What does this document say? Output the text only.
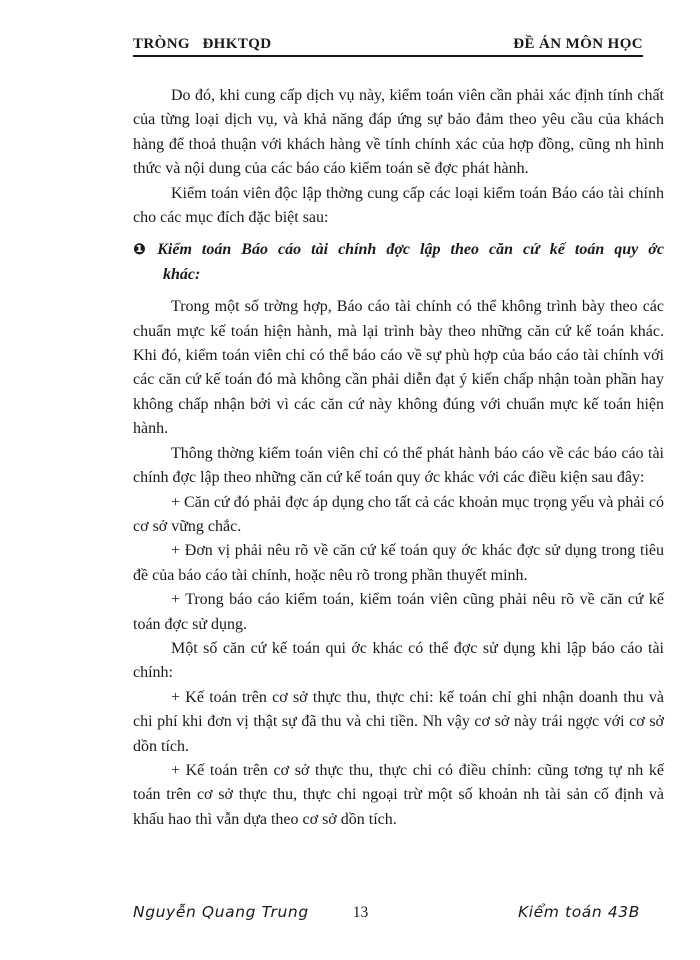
TRÒNG   ĐHKTQD	ĐỀ ÁN MÔN HỌC

Do đó, khi cung cấp dịch vụ này, kiểm toán viên cần phải xác định tính chất của từng loại dịch vụ, và khả năng đáp ứng sự bảo đảm theo yêu cầu của khách hàng để thoả thuận với khách hàng về tính chính xác của hợp đồng, cũng nh hình thức và nội dung của các báo cáo kiểm toán sẽ đợc phát hành.

Kiểm toán viên độc lập thờng cung cấp các loại kiểm toán Báo cáo tài chính cho các mục đích đặc biệt sau:

❶ Kiểm toán Báo cáo tài chính đợc lập theo căn cứ kế toán quy ớc khác:

Trong một số trờng hợp, Báo cáo tài chính có thể không trình bày theo các chuẩn mực kế toán hiện hành, mà lại trình bày theo những căn cứ kế toán khác. Khi đó, kiểm toán viên chỉ có thể báo cáo về sự phù hợp của báo cáo tài chính với các căn cứ kế toán đó mà không cần phải diễn đạt ý kiến chấp nhận toàn phần hay không chấp nhận bởi vì các căn cứ này không đúng với chuẩn mực kế toán hiện hành.

Thông thờng kiểm toán viên chỉ có thể phát hành báo cáo về các báo cáo tài chính đợc lập theo những căn cứ kế toán quy ớc khác với các điều kiện sau đây:

+ Căn cứ đó phải đợc áp dụng cho tất cả các khoản mục trọng yếu và phải có cơ sở vững chắc.

+ Đơn vị phải nêu rõ về căn cứ kế toán quy ớc khác đợc sử dụng trong tiêu đề của báo cáo tài chính, hoặc nêu rõ trong phần thuyết minh.

+ Trong báo cáo kiểm toán, kiểm toán viên cũng phải nêu rõ về căn cứ kế toán đợc sử dụng.

Một số căn cứ kế toán qui ớc khác có thể đợc sử dụng khi lập báo cáo tài chính:

+ Kế toán trên cơ sở thực thu, thực chi: kế toán chỉ ghi nhận doanh thu và chi phí khi đơn vị thật sự đã thu và chi tiền. Nh vậy cơ sở này trái ngợc với cơ sở dồn tích.

+ Kế toán trên cơ sở thực thu, thực chi có điều chỉnh: cũng tơng tự nh kế toán trên cơ sở thực thu, thực chi ngoại trừ một số khoản nh tài sản cố định và khấu hao thì vẫn dựa theo cơ sở dồn tích.

Nguyễn Quang Trung	13	Kiểm toán 43B
